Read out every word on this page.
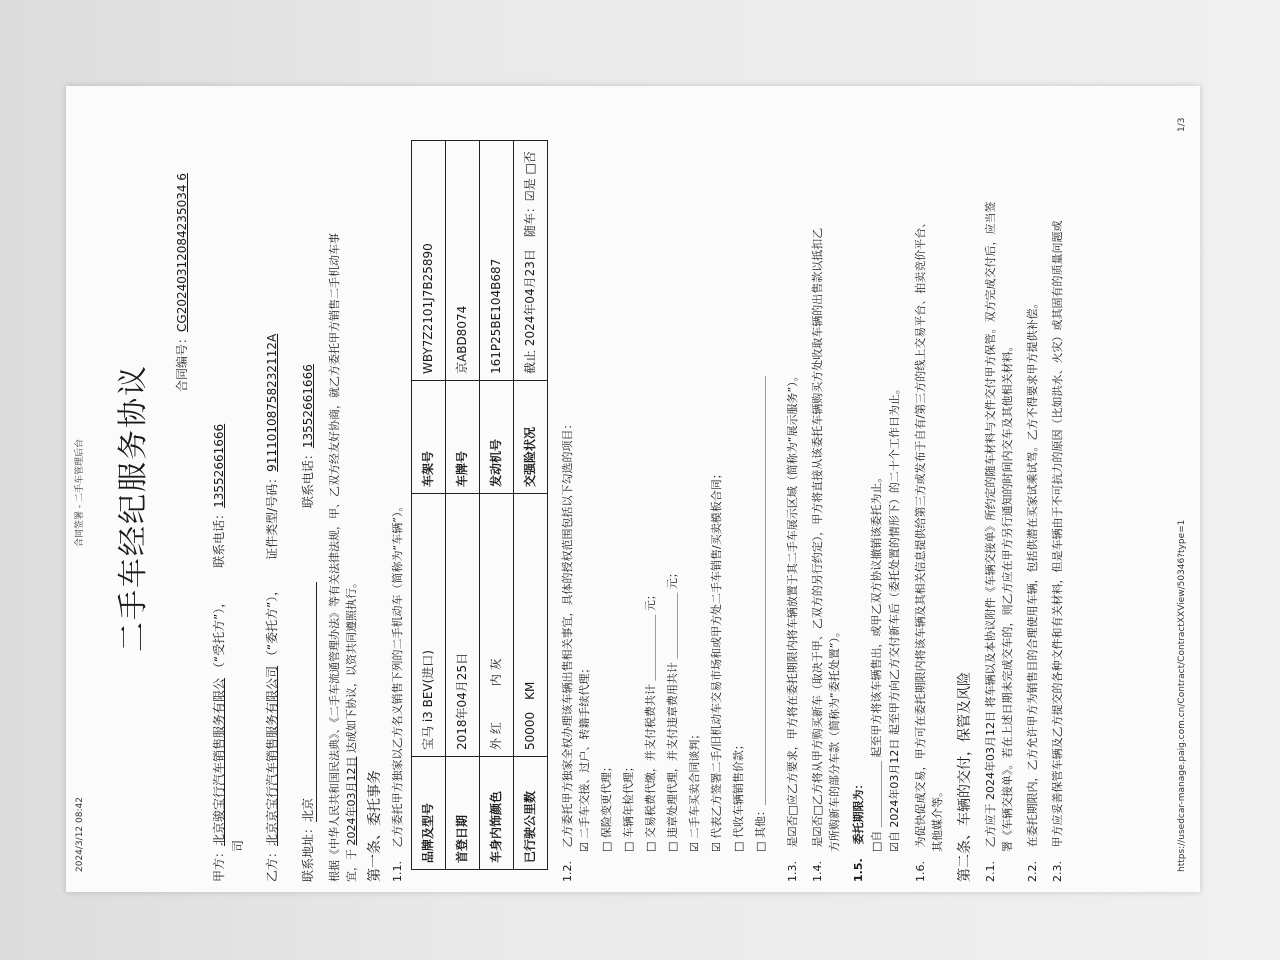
2024/3/12 08:42
合同签署 - 二手车管理后台 二手车经纪服务协议
合同编号：CG20240312084235034 6
甲方：北京骏宝行汽车销售服务有限公 （“受托方”）， 联系电话：13552661666
司 乙方：北京京宝行汽车销售服务有限公司 （“委托方”）， 证件类型/号码：91110108758232112A
联系地址：北京 联系电话：13552661666 根据《中华人民共和国民法典》、《二手车流通管理办法》等有关法律法规，甲、乙双方经友好协商，就乙方委托甲方销售二手机动车事 宜，于 2024年03月12日 达成如下协议，以资共同遵照执行。
第一条、委托事务 1.1. 乙方委托甲方独家以乙方名义销售下列的二手机动车（简称为“车辆”）。 品牌及型号	宝马 i3 BEV(进口)	车架号	WBY7Z2101J7B25890
首登日期	2018年04月25日	车牌号	京ABD8074
车身内饰颜色	外 红　　　内 灰	发动机号	161P25BE104B687
已行驶公里数	50000　KM	交强险状况	截止 2024年04月23日　随车：☑是 □否
1.2. 乙方委托甲方独家全权办理该车辆出售相关事宜，具体的授权范围包括以下勾选的项目： ☑ 二手车交接、过户、转籍手续代理； □ 保险变更代理； □ 车辆年检代理； □ 交易税费代缴，并支付税费共计 ＿＿＿＿＿＿ 元； □ 违章处理代理，并支付违章费用共计 ＿＿＿＿＿＿ 元； ☑ 二手车买卖合同谈判； ☑ 代表乙方签署二手/旧机动车交易市场和或甲方处二手车销售/买卖模板合同； □ 代收车辆销售价款； □ 其他：＿＿＿＿＿＿＿＿＿＿＿＿＿＿＿＿＿＿＿＿＿＿＿＿＿＿＿＿＿＿＿＿＿＿＿＿＿＿＿
1.3. 是☑否□应乙方要求，甲方将在委托期限内将车辆放置于其二手车展示区域（简称为“展示服务”）。
1.4. 是☑否□乙方将从甲方购买新车（取决于甲、乙双方的另行约定），甲方将直接从该委托车辆购买方处收取车辆的出售款以抵扣乙 方所购新车的部分车款（简称为“委托处置”）。
1.5. 委托期限为： □自 ＿＿＿＿＿＿ 起至甲方将该车辆售出，或甲乙双方协议撤销该委托为止。 ☑自 2024年03月12日 起至甲方向乙方交付新车后（委托处置的情形下）的二十个工作日为止。
1.6. 为促快促成交易，甲方可在委托期限内将该车辆及其相关信息提供给第三方或发布于自有/第三方的线上交易平台、拍卖竞价平台、 其他媒介等。 第二条、车辆的交付，保管及风险 2.1. 乙方应于 2024年03月12日 将车辆以及本协议附件《车辆交接单》所约定的随车材料与文件交付甲方保管。双方完成交付后，应当签 署《车辆交接单》。若在上述日期未完成交车的，则乙方应在甲方另行通知的时间内交车及其他相关材料。
2.2. 在委托期限内，乙方允许甲方为销售目的合理使用车辆，包括供潜在买家试乘试驾。乙方不得要求甲方提供补偿。
2.3. 甲方应妥善保管车辆及乙方提交的各种文件和有关材料，但是车辆由于不可抗力的原因（比如洪水、火灾）或其固有的质量问题或	https://usedcar-manage.paig.com.cn/Contract/ContractXXView/50346?type=1
1/3
